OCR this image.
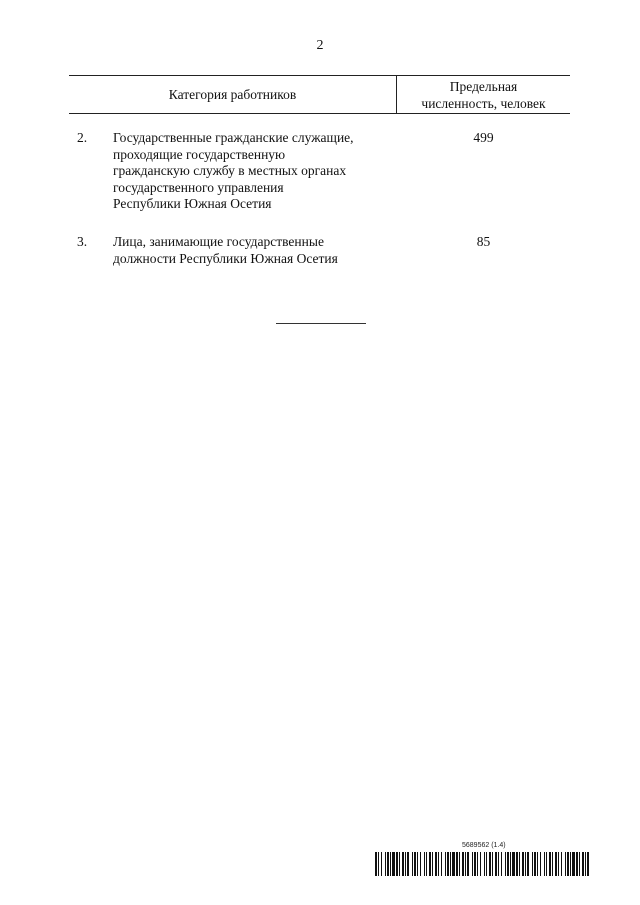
2
Категория работников
Предельная
численность, человек
2. Государственные гражданские служащие,
проходящие государственную
гражданскую службу в местных органах
государственного управления
Республики Южная Осетия
499
3. Лица, занимающие государственные
должности Республики Южная Осетия
85
5689562 (1.4)
